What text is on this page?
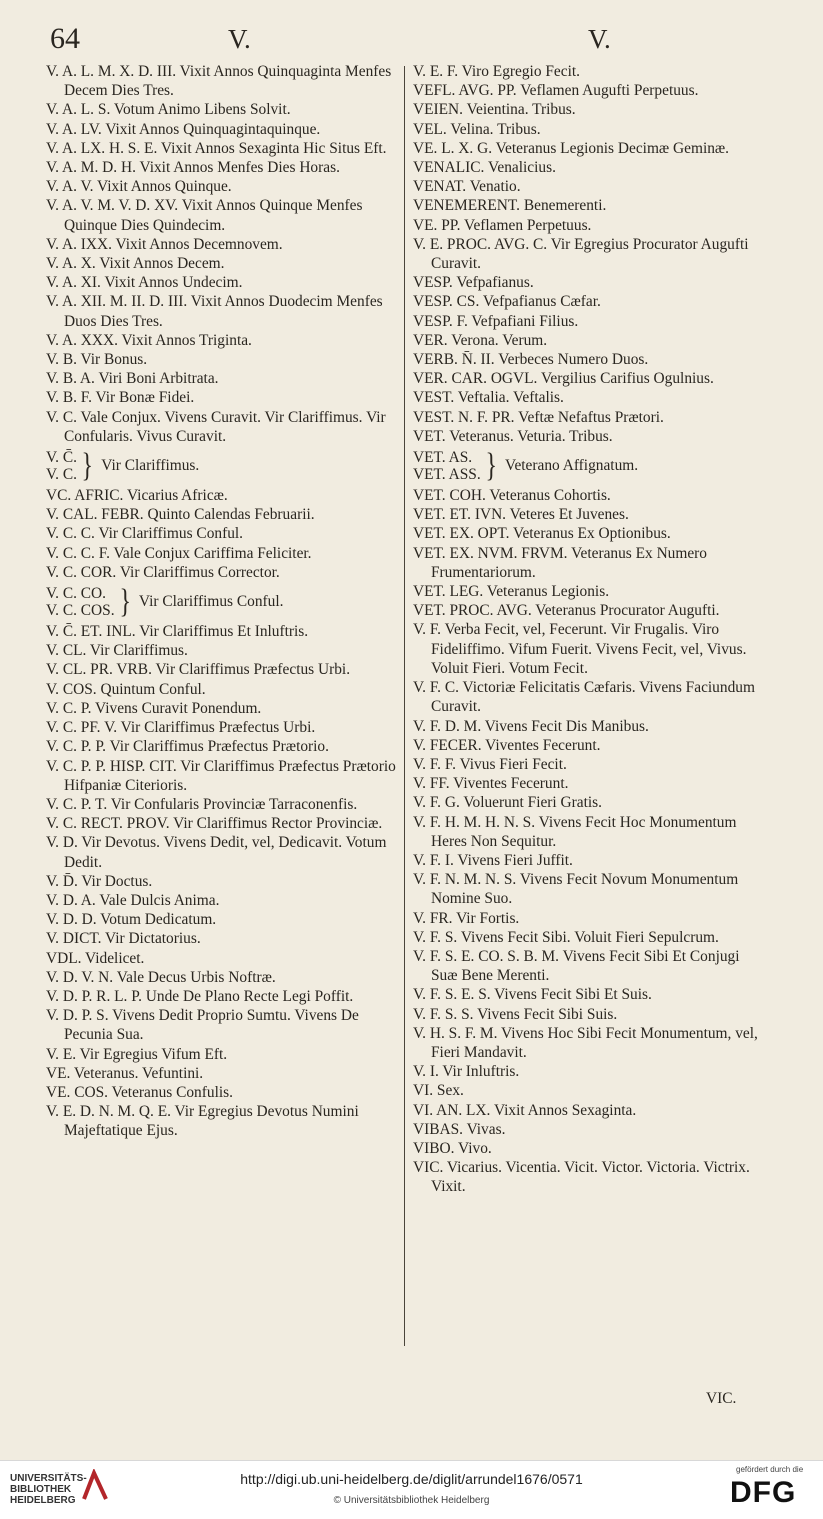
64	V.	V.

V. A. L. M. X. D. III. Vixit Annos Quinquaginta Menfes Decem Dies Tres.

V. A. L. S. Votum Animo Libens Solvit.

V. A. LV. Vixit Annos Quinquagintaquinque.

V. A. LX. H. S. E. Vixit Annos Sexaginta Hic Situs Eft.

V. A. M. D. H. Vixit Annos Menfes Dies Horas.

V. A. V. Vixit Annos Quinque.

V. A. V. M. V. D. XV. Vixit Annos Quinque Menfes Quinque Dies Quindecim.

V. A. IXX. Vixit Annos Decemnovem.

V. A. X. Vixit Annos Decem.

V. A. XI. Vixit Annos Undecim.

V. A. XII. M. II. D. III. Vixit Annos Duodecim Menfes Duos Dies Tres.

V. A. XXX. Vixit Annos Triginta.

V. B. Vir Bonus.

V. B. A. Viri Boni Arbitrata.

V. B. F. Vir Bonæ Fidei.

V. C. Vale Conjux. Vivens Curavit. Vir Clariffimus. Vir Confularis. Vivus Curavit.

V. C̄.
V. C. } Vir Clariffimus.

VC. AFRIC. Vicarius Africæ.

V. CAL. FEBR. Quinto Calendas Februarii.

V. C. C. Vir Clariffimus Conful.

V. C. C. F. Vale Conjux Cariffima Feliciter.

V. C. COR. Vir Clariffimus Corrector.

V. C. CO.
V. C. COS. } Vir Clariffimus Conful.

V. C̄. ET. INL. Vir Clariffimus Et Inluftris.

V. CL. Vir Clariffimus.

V. CL. PR. VRB. Vir Clariffimus Præfectus Urbi.

V. COS. Quintum Conful.

V. C. P. Vivens Curavit Ponendum.

V. C. PF. V. Vir Clariffimus Præfectus Urbi.

V. C. P. P. Vir Clariffimus Præfectus Prætorio.

V. C. P. P. HISP. CIT. Vir Clariffimus Præfectus Prætorio Hifpaniæ Citerioris.

V. C. P. T. Vir Confularis Provinciæ Tarraconenfis.

V. C. RECT. PROV. Vir Clariffimus Rector Provinciæ.

V. D. Vir Devotus. Vivens Dedit, vel, Dedicavit. Votum Dedit.

V. D̄. Vir Doctus.

V. D. A. Vale Dulcis Anima.

V. D. D. Votum Dedicatum.

V. DICT. Vir Dictatorius.

VDL. Videlicet.

V. D. V. N. Vale Decus Urbis Noftræ.

V. D. P. R. L. P. Unde De Plano Recte Legi Poffit.

V. D. P. S. Vivens Dedit Proprio Sumtu. Vivens De Pecunia Sua.

V. E. Vir Egregius Vifum Eft.

VE. Veteranus. Vefuntini.

VE. COS. Veteranus Confulis.

V. E. D. N. M. Q. E. Vir Egregius Devotus Numini Majeftatique Ejus.

V. E. F. Viro Egregio Fecit.

VEFL. AVG. PP. Veflamen Augufti Perpetuus.

VEIEN. Veientina. Tribus.

VEL. Velina. Tribus.

VE. L. X. G. Veteranus Legionis Decimæ Geminæ.

VENALIC. Venalicius.

VENAT. Venatio.

VENEMERENT. Benemerenti.

VE. PP. Veflamen Perpetuus.

V. E. PROC. AVG. C. Vir Egregius Procurator Augufti Curavit.

VESP. Vefpafianus.

VESP. CS. Vefpafianus Cæfar.

VESP. F. Vefpafiani Filius.

VER. Verona. Verum.

VERB. N̄. II. Verbeces Numero Duos.

VER. CAR. OGVL. Vergilius Carifius Ogulnius.

VEST. Veftalia. Veftalis.

VEST. N. F. PR. Veftæ Nefaftus Prætori.

VET. Veteranus. Veturia. Tribus.

VET. AS.
VET. ASS. } Veterano Affignatum.

VET. COH. Veteranus Cohortis.

VET. ET. IVN. Veteres Et Juvenes.

VET. EX. OPT. Veteranus Ex Optionibus.

VET. EX. NVM. FRVM. Veteranus Ex Numero Frumentariorum.

VET. LEG. Veteranus Legionis.

VET. PROC. AVG. Veteranus Procurator Augufti.

V. F. Verba Fecit, vel, Fecerunt. Vir Frugalis. Viro Fideliffimo. Vifum Fuerit. Vivens Fecit, vel, Vivus. Voluit Fieri. Votum Fecit.

V. F. C. Victoriæ Felicitatis Cæfaris. Vivens Faciundum Curavit.

V. F. D. M. Vivens Fecit Dis Manibus.

V. FECER. Viventes Fecerunt.

V. F. F. Vivus Fieri Fecit.

V. FF. Viventes Fecerunt.

V. F. G. Voluerunt Fieri Gratis.

V. F. H. M. H. N. S. Vivens Fecit Hoc Monumentum Heres Non Sequitur.

V. F. I. Vivens Fieri Juffit.

V. F. N. M. N. S. Vivens Fecit Novum Monumentum Nomine Suo.

V. FR. Vir Fortis.

V. F. S. Vivens Fecit Sibi. Voluit Fieri Sepulcrum.

V. F. S. E. CO. S. B. M. Vivens Fecit Sibi Et Conjugi Suæ Bene Merenti.

V. F. S. E. S. Vivens Fecit Sibi Et Suis.

V. F. S. S. Vivens Fecit Sibi Suis.

V. H. S. F. M. Vivens Hoc Sibi Fecit Monumentum, vel, Fieri Mandavit.

V. I. Vir Inluftris.

VI. Sex.

VI. AN. LX. Vixit Annos Sexaginta.

VIBAS. Vivas.

VIBO. Vivo.

VIC. Vicarius. Vicentia. Vicit. Victor. Victoria. Victrix. Vixit.

VIC.
UNIVERSITÄTS-
BIBLIOTHEK
HEIDELBERG
http://digi.ub.uni-heidelberg.de/diglit/arrundel1676/0571
© Universitätsbibliothek Heidelberg
gefördert durch die
DFG
